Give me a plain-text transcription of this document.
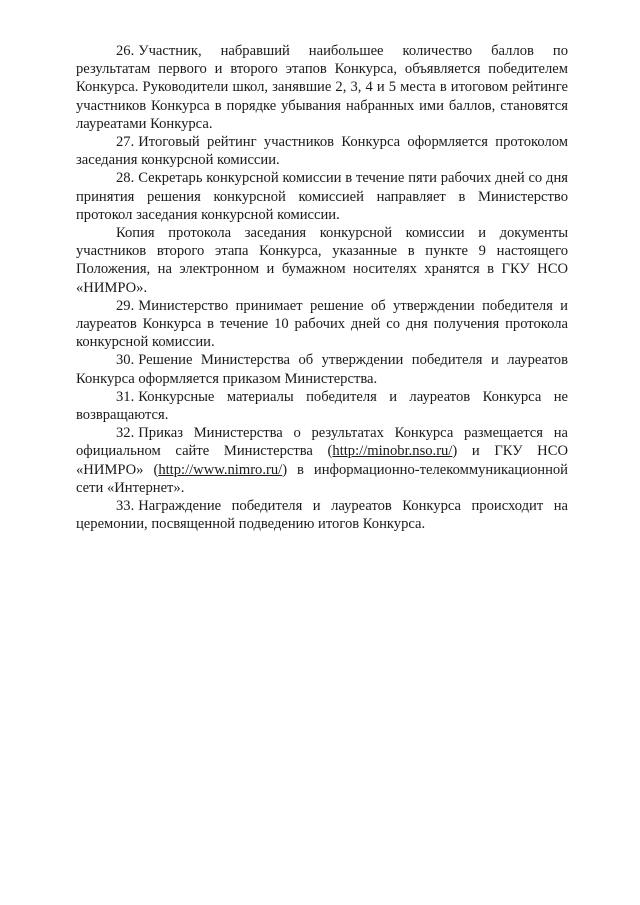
26. Участник, набравший наибольшее количество баллов по результатам первого и второго этапов Конкурса, объявляется победителем Конкурса. Руководители школ, занявшие 2, 3, 4 и 5 места в итоговом рейтинге участников Конкурса в порядке убывания набранных ими баллов, становятся лауреатами Конкурса.

27. Итоговый рейтинг участников Конкурса оформляется протоколом заседания конкурсной комиссии.

28. Секретарь конкурсной комиссии в течение пяти рабочих дней со дня принятия решения конкурсной комиссией направляет в Министерство протокол заседания конкурсной комиссии.

Копия протокола заседания конкурсной комиссии и документы участников второго этапа Конкурса, указанные в пункте 9 настоящего Положения, на электронном и бумажном носителях хранятся в ГКУ НСО «НИМРО».

29. Министерство принимает решение об утверждении победителя и лауреатов Конкурса в течение 10 рабочих дней со дня получения протокола конкурсной комиссии.

30. Решение Министерства об утверждении победителя и лауреатов Конкурса оформляется приказом Министерства.

31. Конкурсные материалы победителя и лауреатов Конкурса не возвращаются.

32. Приказ Министерства о результатах Конкурса размещается на официальном сайте Министерства (http://minobr.nso.ru/) и ГКУ НСО «НИМРО» (http://www.nimro.ru/) в информационно-телекоммуникационной сети «Интернет».

33. Награждение победителя и лауреатов Конкурса происходит на церемонии, посвященной подведению итогов Конкурса.
